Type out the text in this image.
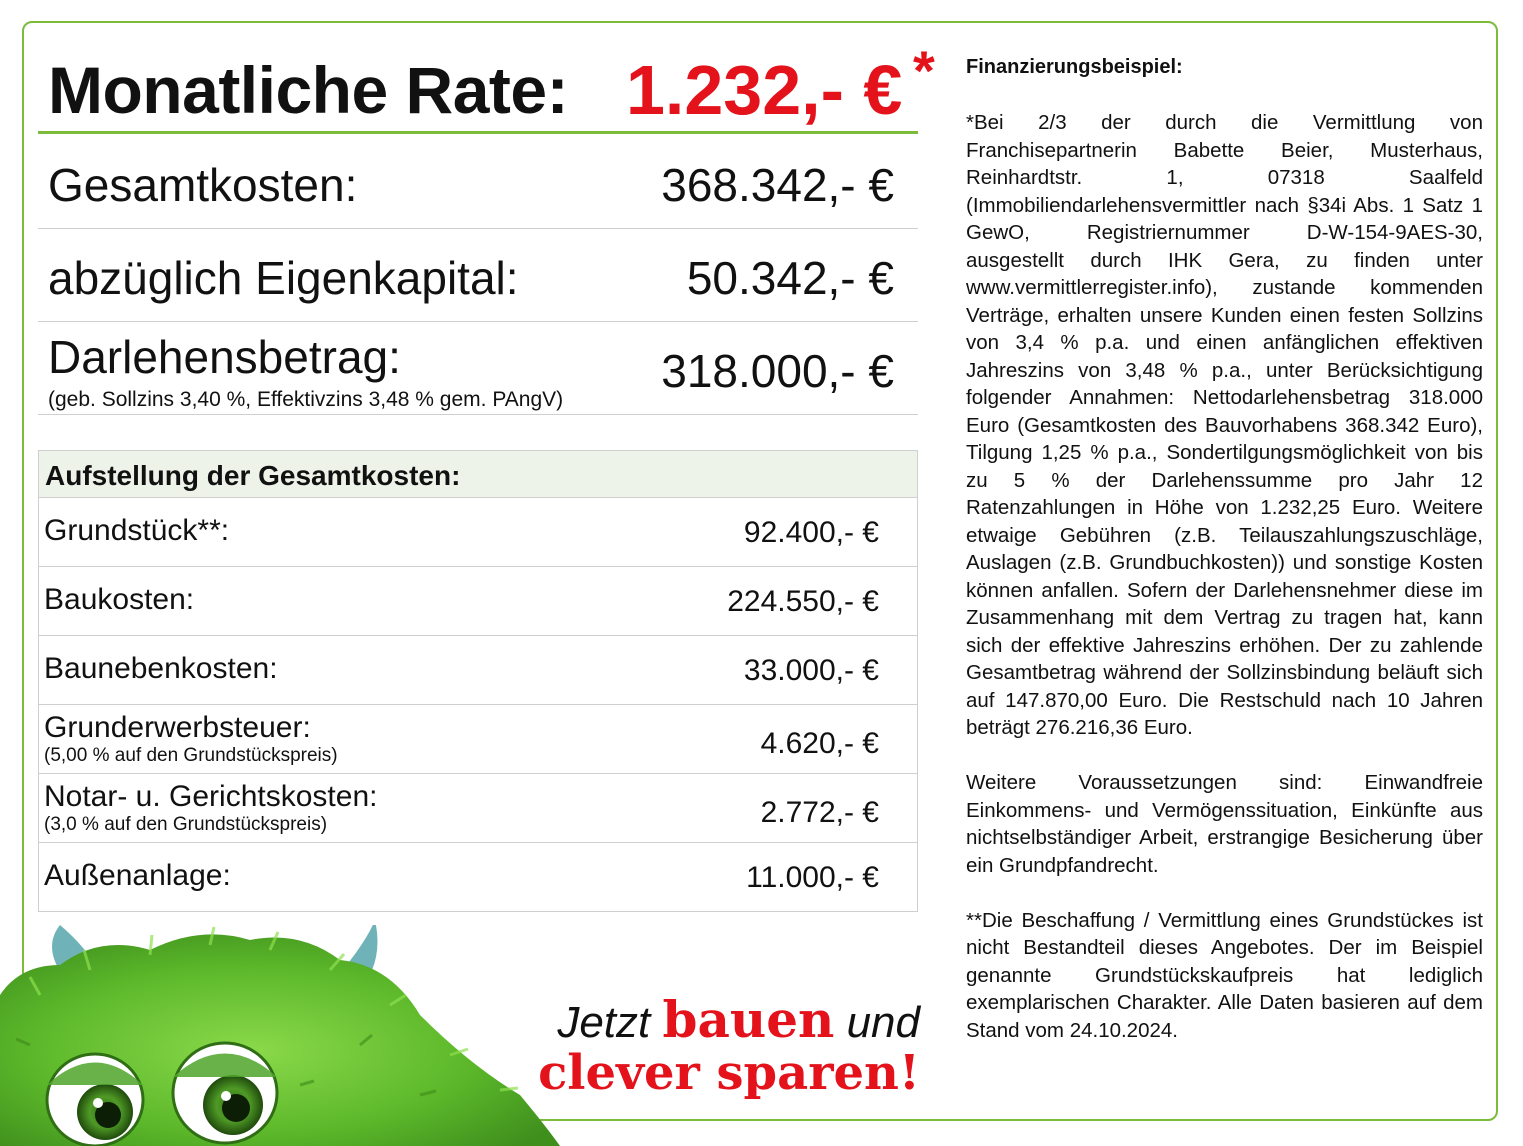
Monatliche Rate: 1.232,- € *
Gesamtkosten:	368.342,- €
abzüglich Eigenkapital:	50.342,- €
Darlehensbetrag:
(geb. Sollzins 3,40 %, Effektivzins 3,48 % gem. PAngV)
318.000,- €
Aufstellung der Gesamtkosten:
Grundstück**:	92.400,- €
Baukosten:	224.550,- €
Baunebenkosten:	33.000,- €
Grunderwerbsteuer:
(5,00 % auf den Grundstückspreis)	4.620,- €
Notar- u. Gerichtskosten:
(3,0 % auf den Grundstückspreis)	2.772,- €
Außenanlage:	11.000,- €
Jetzt bauen und
clever sparen!

Finanzierungsbeispiel:

*Bei 2/3 der durch die Vermittlung von Franchisepartnerin Babette Beier, Musterhaus, Reinhardtstr. 1, 07318 Saalfeld (Immobiliendarlehensvermittler nach §34i Abs. 1 Satz 1 GewO, Registriernummer D-W-154-9AES-30, ausgestellt durch IHK Gera, zu finden unter www.vermittlerregister.info), zustande kommenden Verträge, erhalten unsere Kunden einen festen Sollzins von 3,4 % p.a. und einen anfänglichen effektiven Jahreszins von 3,48 % p.a., unter Berücksichtigung folgender Annahmen: Nettodarlehensbetrag 318.000 Euro (Gesamtkosten des Bauvorhabens 368.342 Euro), Tilgung 1,25 % p.a., Sondertilgungsmöglichkeit von bis zu 5 % der Darlehenssumme pro Jahr 12 Ratenzahlungen in Höhe von 1.232,25 Euro. Weitere etwaige Gebühren (z.B. Teilauszahlungszuschläge, Auslagen (z.B. Grundbuchkosten)) und sonstige Kosten können anfallen. Sofern der Darlehensnehmer diese im Zusammenhang mit dem Vertrag zu tragen hat, kann sich der effektive Jahreszins erhöhen. Der zu zahlende Gesamtbetrag während der Sollzinsbindung beläuft sich auf 147.870,00 Euro. Die Restschuld nach 10 Jahren beträgt 276.216,36 Euro.

Weitere Voraussetzungen sind: Einwandfreie Einkommens- und Vermögenssituation, Einkünfte aus nichtselbständiger Arbeit, erstrangige Besicherung über ein Grundpfandrecht.

**Die Beschaffung / Vermittlung eines Grundstückes ist nicht Bestandteil dieses Angebotes. Der im Beispiel genannte Grundstückskaufpreis hat lediglich exemplarischen Charakter. Alle Daten basieren auf dem Stand vom 24.10.2024.
